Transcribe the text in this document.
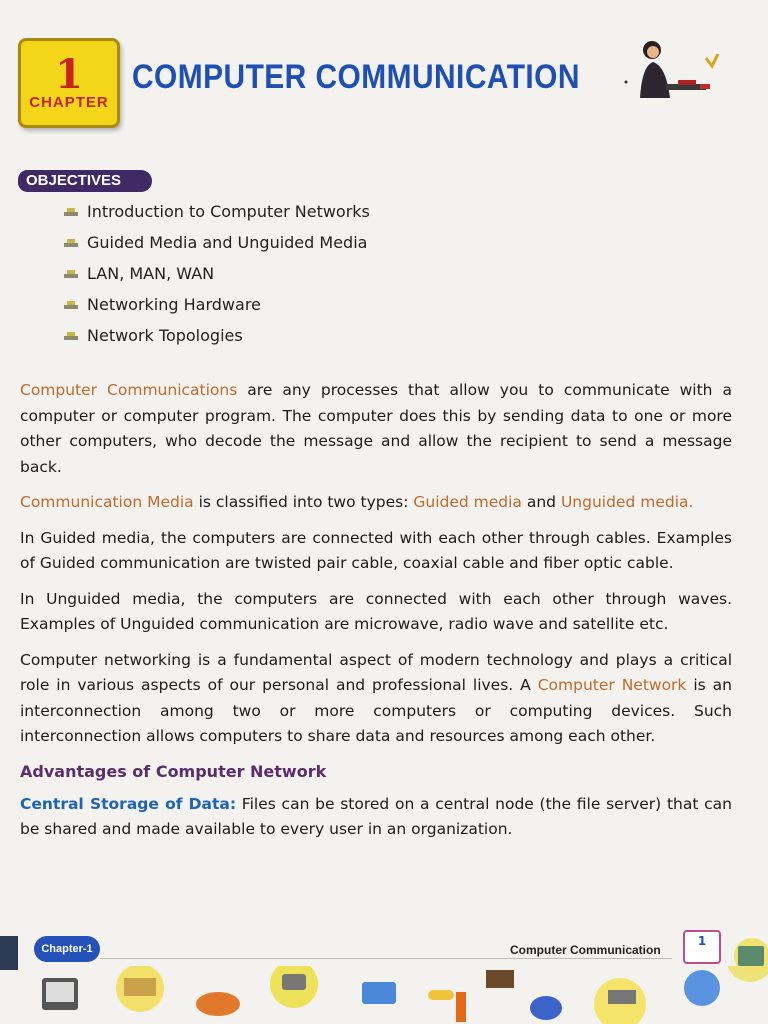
1
CHAPTER
COMPUTER COMMUNICATION
OBJECTIVES
Introduction to Computer Networks
Guided Media and Unguided Media
LAN, MAN, WAN
Networking Hardware
Network Topologies

Computer Communications are any processes that allow you to communicate with a computer or computer program. The computer does this by sending data to one or more other computers, who decode the message and allow the recipient to send a message back.

Communication Media is classified into two types: Guided media and Unguided media.

In Guided media, the computers are connected with each other through cables. Examples of Guided communication are twisted pair cable, coaxial cable and fiber optic cable.

In Unguided media, the computers are connected with each other through waves. Examples of Unguided communication are microwave, radio wave and satellite etc.

Computer networking is a fundamental aspect of modern technology and plays a critical role in various aspects of our personal and professional lives. A Computer Network is an interconnection among two or more computers or computing devices. Such interconnection allows computers to share data and resources among each other.

Advantages of Computer Network

Central Storage of Data: Files can be stored on a central node (the file server) that can be shared and made available to every user in an organization.

Chapter-1	Computer Communication
1
